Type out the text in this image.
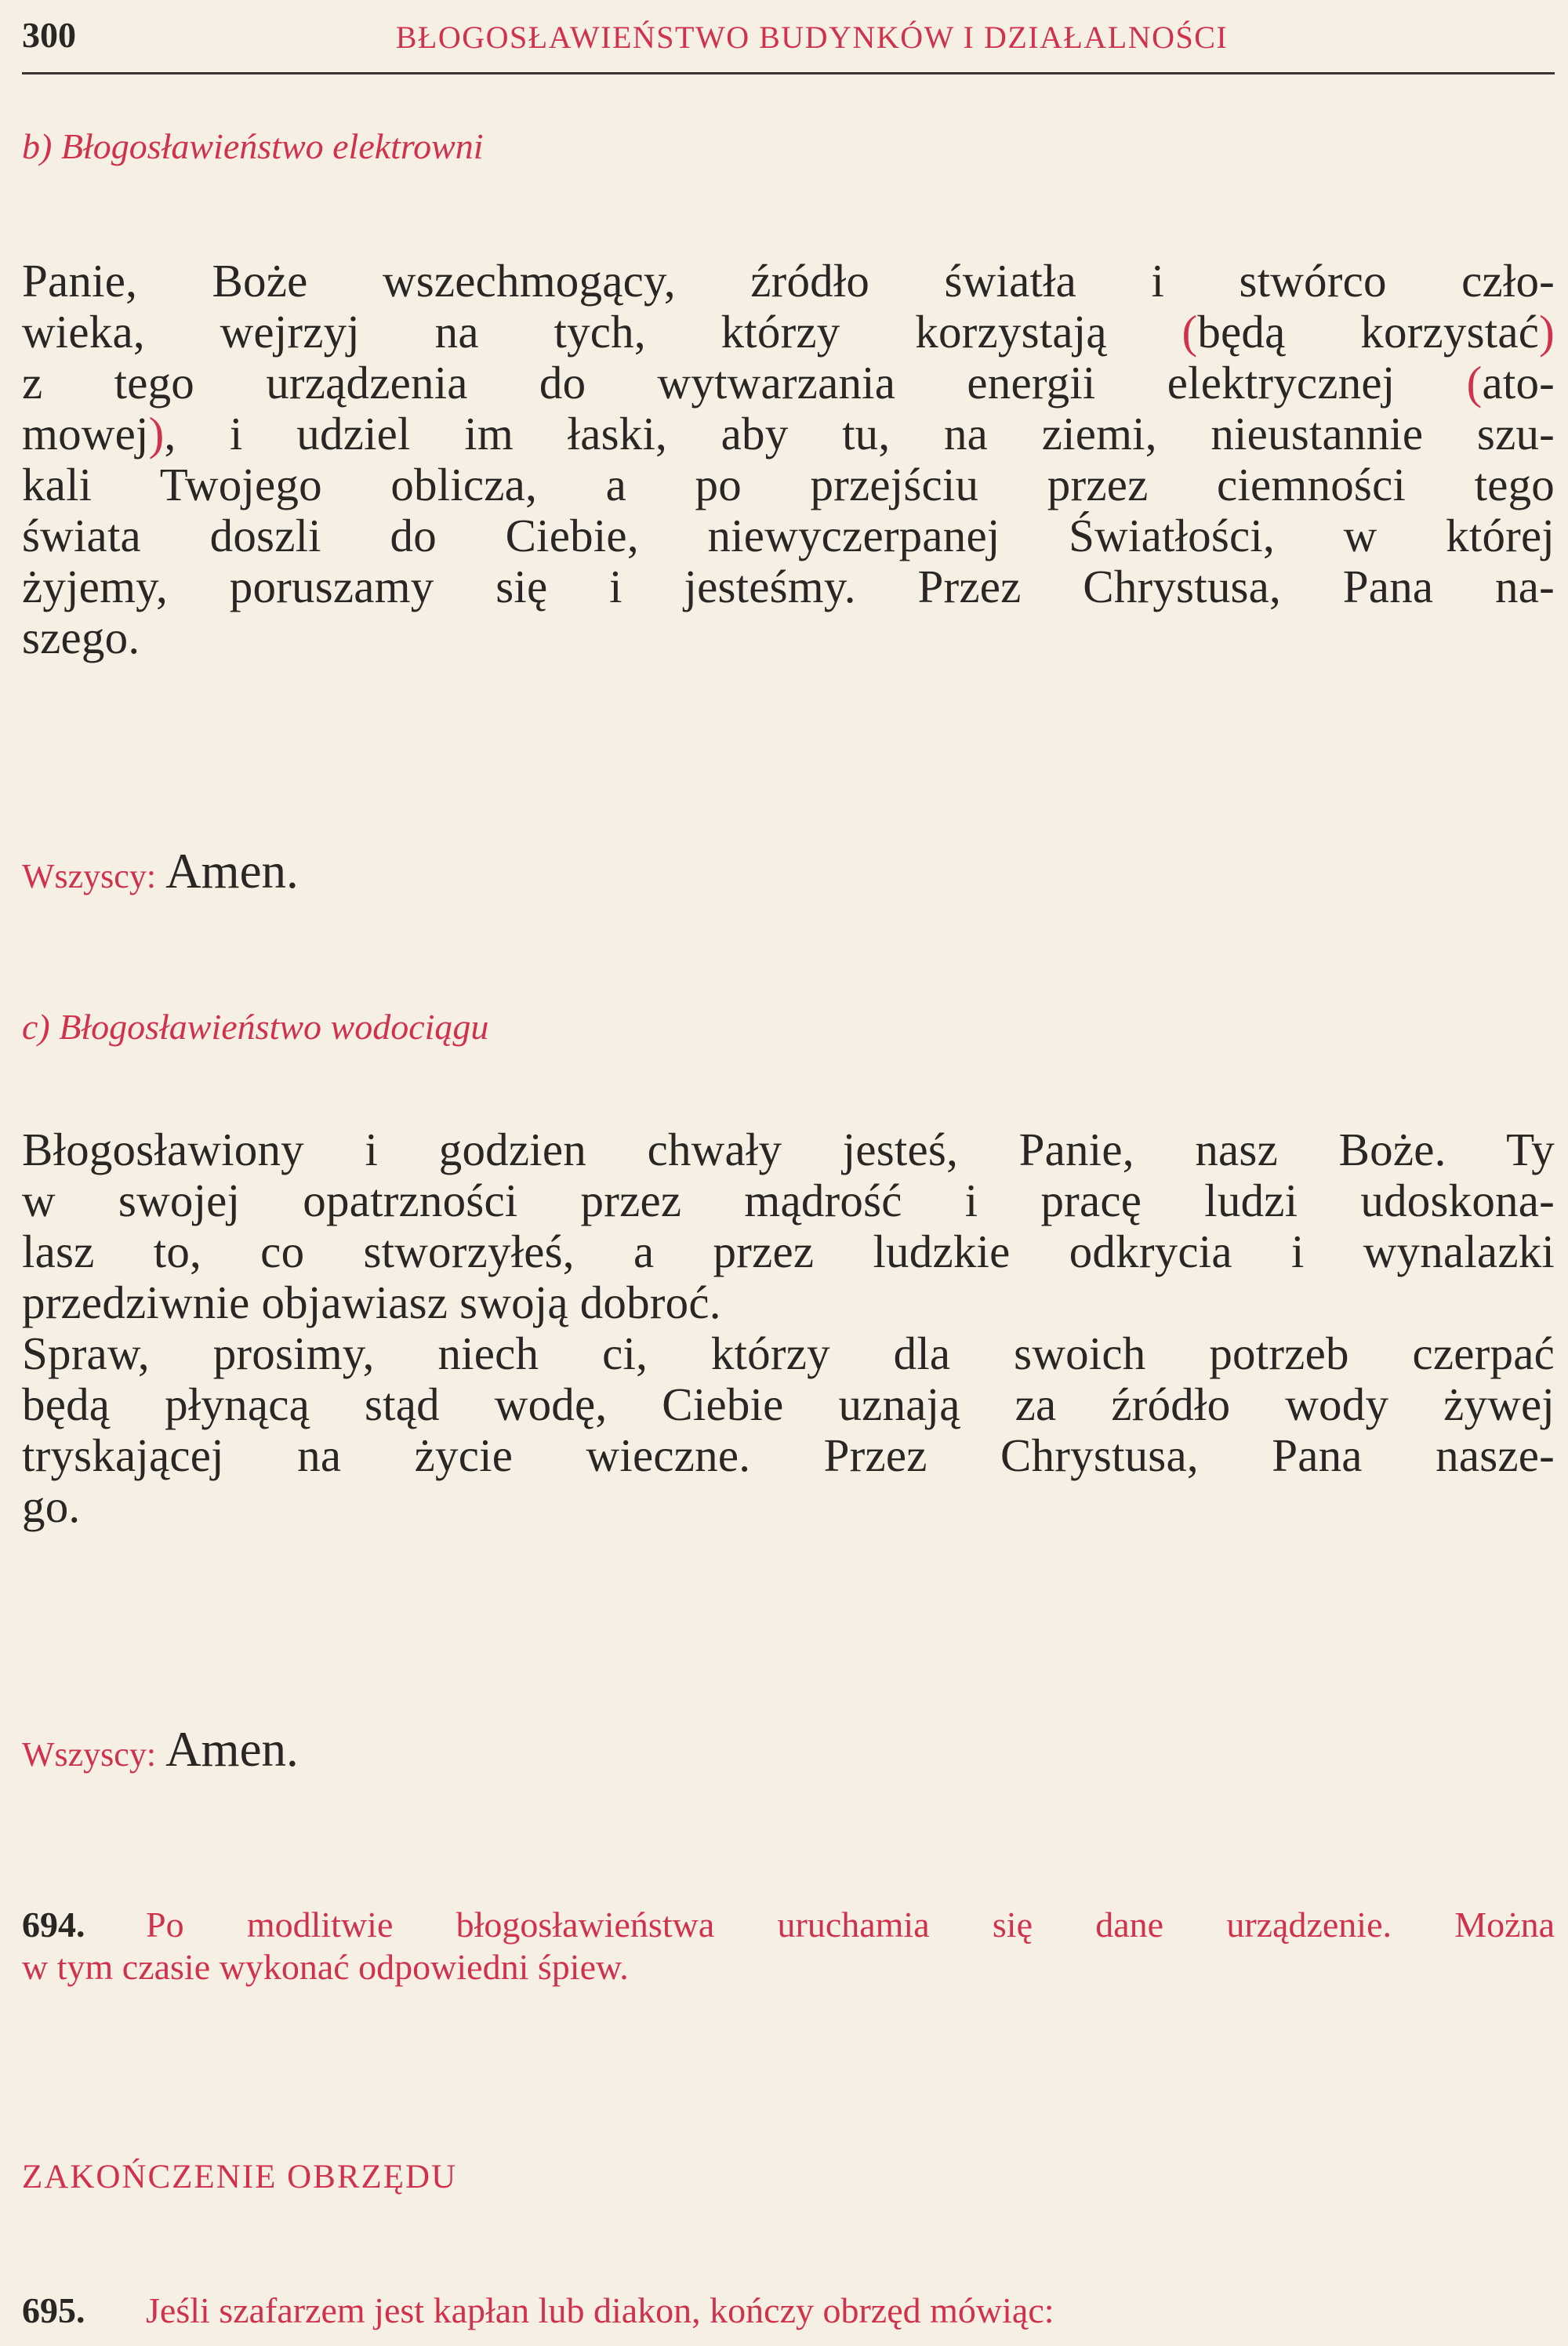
300	BŁOGOSŁAWIEŃSTWO BUDYNKÓW I DZIAŁALNOŚCI
b) Błogosławieństwo elektrowni
Panie, Boże wszechmogący, źródło światła i stwórco czło-
wieka, wejrzyj na tych, którzy korzystają (będą korzystać)
z tego urządzenia do wytwarzania energii elektrycznej (ato-
mowej), i udziel im łaski, aby tu, na ziemi, nieustannie szu-
kali Twojego oblicza, a po przejściu przez ciemności tego
świata doszli do Ciebie, niewyczerpanej Światłości, w której
żyjemy, poruszamy się i jesteśmy. Przez Chrystusa, Pana na-
szego.
Wszyscy: Amen.
c) Błogosławieństwo wodociągu
Błogosławiony i godzien chwały jesteś, Panie, nasz Boże. Ty
w swojej opatrzności przez mądrość i pracę ludzi udoskona-
lasz to, co stworzyłeś, a przez ludzkie odkrycia i wynalazki
przedziwnie objawiasz swoją dobroć.
Spraw, prosimy, niech ci, którzy dla swoich potrzeb czerpać
będą płynącą stąd wodę, Ciebie uznają za źródło wody żywej
tryskającej na życie wieczne. Przez Chrystusa, Pana nasze-
go.
Wszyscy: Amen.
694. Po modlitwie błogosławieństwa uruchamia się dane urządzenie. Można
w tym czasie wykonać odpowiedni śpiew.
ZAKOŃCZENIE OBRZĘDU
695. Jeśli szafarzem jest kapłan lub diakon, kończy obrzęd mówiąc:
